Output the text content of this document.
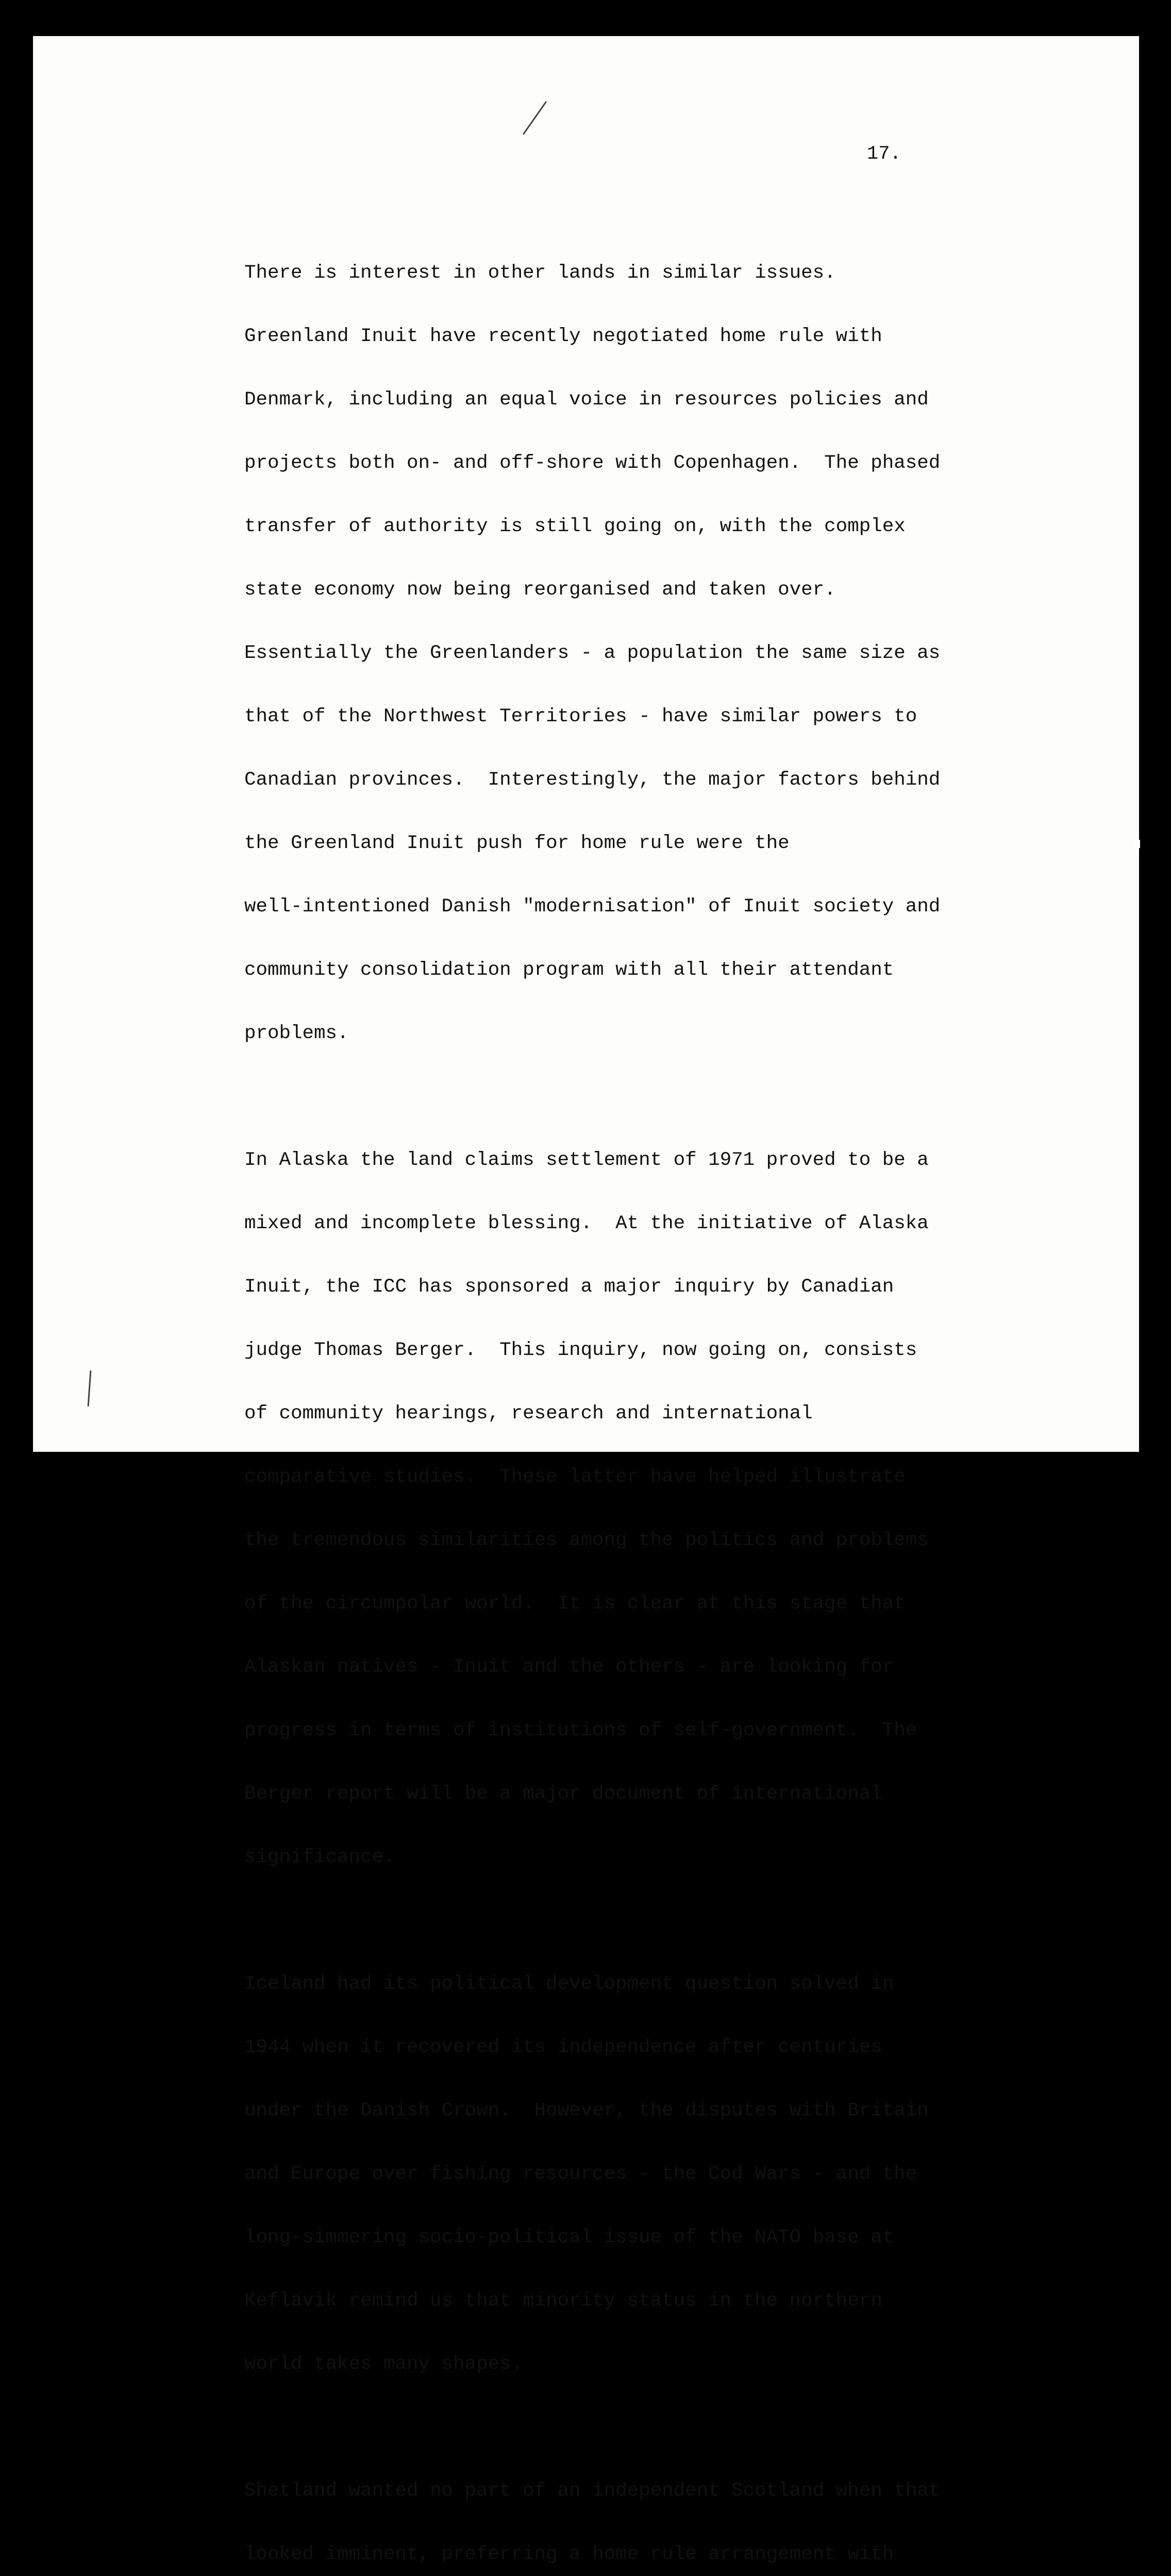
17.

There is interest in other lands in similar issues.

Greenland Inuit have recently negotiated home rule with

Denmark, including an equal voice in resources policies and

projects both on- and off-shore with Copenhagen.  The phased

transfer of authority is still going on, with the complex

state economy now being reorganised and taken over.

Essentially the Greenlanders - a population the same size as

that of the Northwest Territories - have similar powers to

Canadian provinces.  Interestingly, the major factors behind

the Greenland Inuit push for home rule were the

well-intentioned Danish "modernisation" of Inuit society and

community consolidation program with all their attendant

problems.

In Alaska the land claims settlement of 1971 proved to be a

mixed and incomplete blessing.  At the initiative of Alaska

Inuit, the ICC has sponsored a major inquiry by Canadian

judge Thomas Berger.  This inquiry, now going on, consists

of community hearings, research and international

comparative studies.  These latter have helped illustrate

the tremendous similarities among the politics and problems

of the circumpolar world.  It is clear at this stage that

Alaskan natives - Inuit and the others - are looking for

progress in terms of institutions of self-government.  The

Berger report will be a major document of international

significance.

Iceland had its political development question solved in

1944 when it recovered its independence after centuries

under the Danish Crown.  However, the disputes with Britain

and Europe over fishing resources - the Cod Wars - and the

long-simmering socio-political issue of the NATO base at

Keflavik remind us that minority status in the northern

world takes many shapes.

Shetland wanted no part of an independent Scotland when that

looked imminent, preferring a home rule arrangement with
